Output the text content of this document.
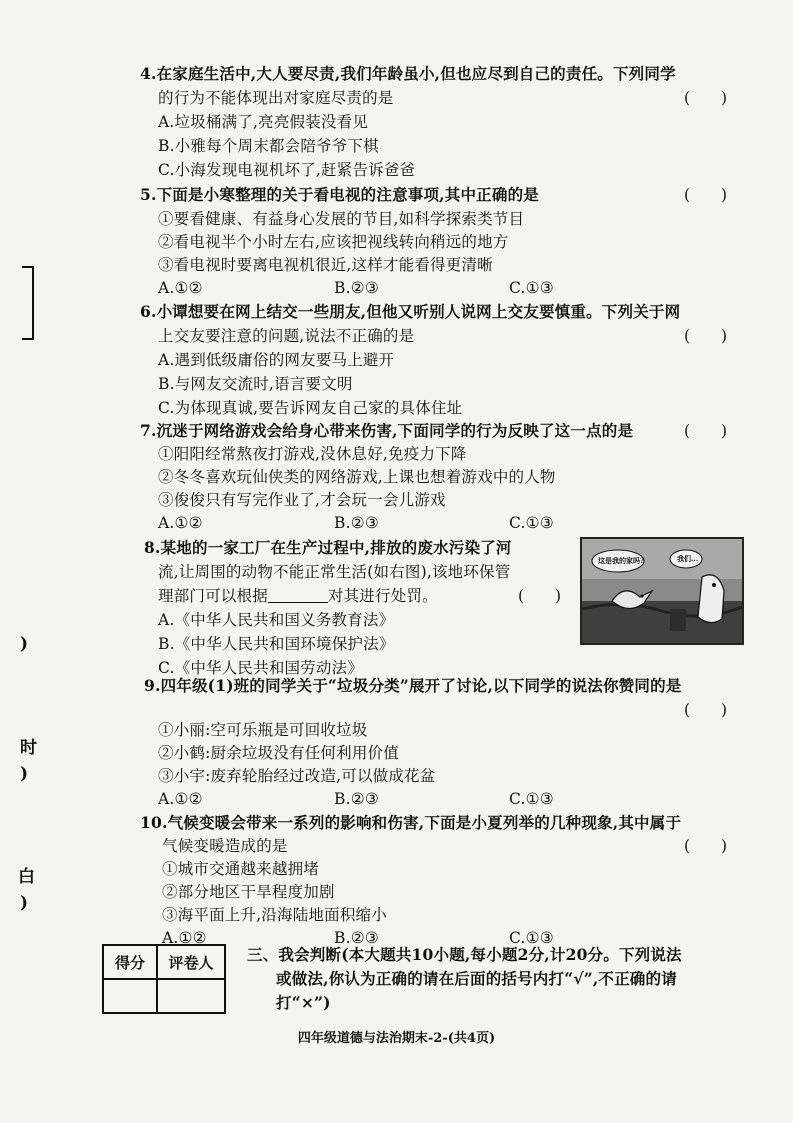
)
时
)
白
)
4.在家庭生活中,大人要尽责,我们年龄虽小,但也应尽到自己的责任。下列同学
的行为不能体现出对家庭尽责的是	(　　)
A.垃圾桶满了,亮亮假装没看见
B.小雅每个周末都会陪爷爷下棋
C.小海发现电视机坏了,赶紧告诉爸爸
5.下面是小寒整理的关于看电视的注意事项,其中正确的是	(　　)
①要看健康、有益身心发展的节目,如科学探索类节目
②看电视半个小时左右,应该把视线转向稍远的地方
③看电视时要离电视机很近,这样才能看得更清晰
A.①②	B.②③	C.①③
6.小谭想要在网上结交一些朋友,但他又听别人说网上交友要慎重。下列关于网
上交友要注意的问题,说法不正确的是	(　　)
A.遇到低级庸俗的网友要马上避开
B.与网友交流时,语言要文明
C.为体现真诚,要告诉网友自己家的具体住址
7.沉迷于网络游戏会给身心带来伤害,下面同学的行为反映了这一点的是	(　　)
①阳阳经常熬夜打游戏,没休息好,免疫力下降
②冬冬喜欢玩仙侠类的网络游戏,上课也想着游戏中的人物
③俊俊只有写完作业了,才会玩一会儿游戏
A.①②	B.②③	C.①③
8.某地的一家工厂在生产过程中,排放的废水污染了河
流,让周围的动物不能正常生活(如右图),该地环保管
理部门可以根据	对其进行处罚。	(　　)
A.《中华人民共和国义务教育法》
B.《中华人民共和国环境保护法》
C.《中华人民共和国劳动法》
这是我的家吗?	我们...
9.四年级(1)班的同学关于“垃圾分类”展开了讨论,以下同学的说法你赞同的是
(　　)
①小丽:空可乐瓶是可回收垃圾
②小鹤:厨余垃圾没有任何利用价值
③小宇:废弃轮胎经过改造,可以做成花盆
A.①②	B.②③	C.①③
10.气候变暖会带来一系列的影响和伤害,下面是小夏列举的几种现象,其中属于
气候变暖造成的是	(　　)
①城市交通越来越拥堵
②部分地区干旱程度加剧
③海平面上升,沿海陆地面积缩小
A.①②	B.②③	C.①③
得分	评卷人
	三、我会判断(本大题共10小题,每小题2分,计20分。下列说法
或做法,你认为正确的请在后面的括号内打“√”,不正确的请
打“×”)
四年级道德与法治期末-2-(共4页)
